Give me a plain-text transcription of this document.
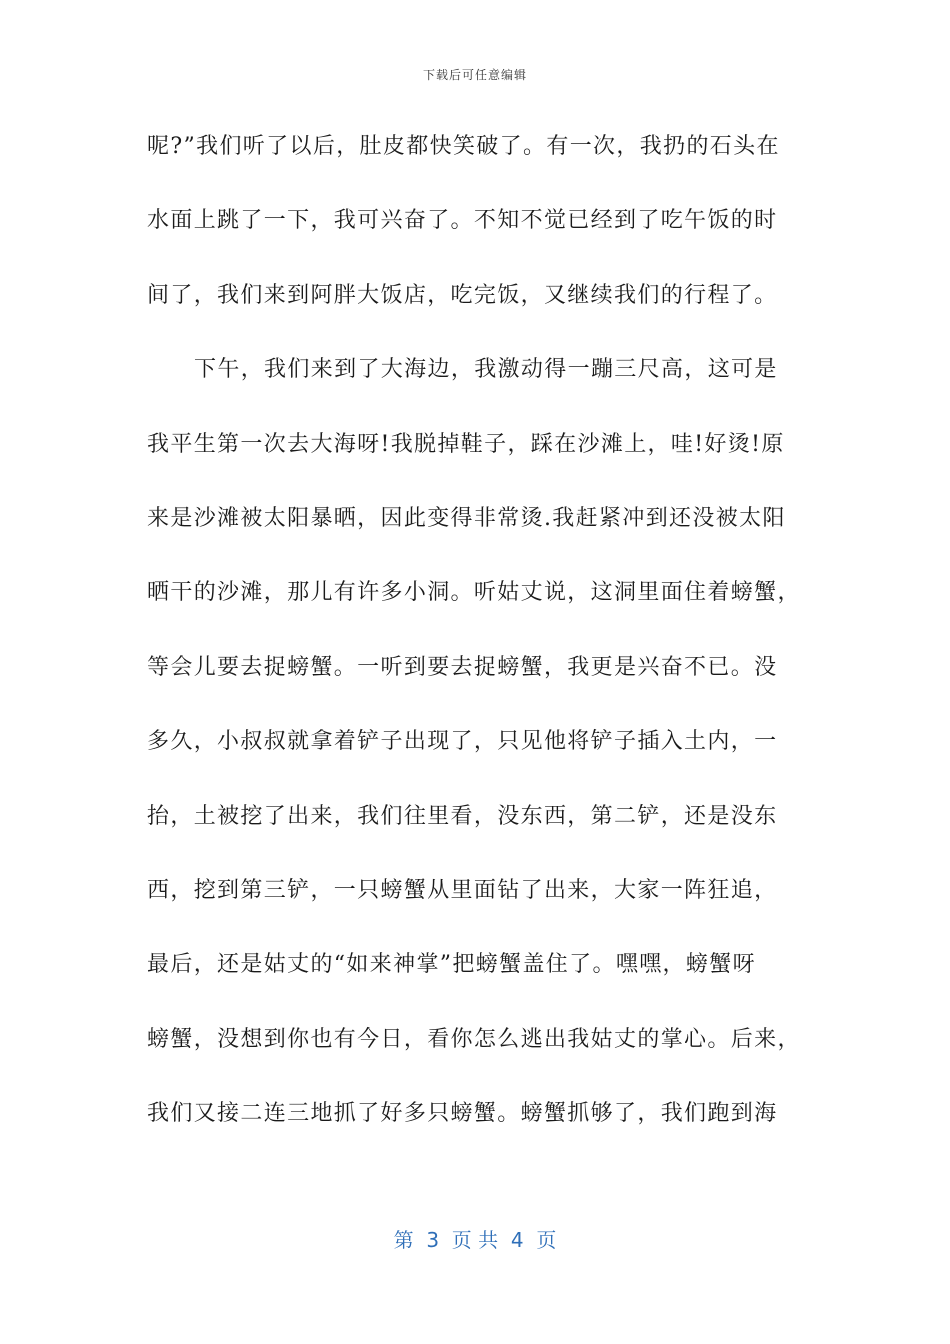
下载后可任意编辑
呢?”我们听了以后，肚皮都快笑破了。有一次，我扔的石头在
水面上跳了一下，我可兴奋了。不知不觉已经到了吃午饭的时
间了，我们来到阿胖大饭店，吃完饭，又继续我们的行程了。
下午，我们来到了大海边，我激动得一蹦三尺高，这可是
我平生第一次去大海呀!我脱掉鞋子，踩在沙滩上，哇!好烫!原
来是沙滩被太阳暴晒，因此变得非常烫.我赶紧冲到还没被太阳
晒干的沙滩，那儿有许多小洞。听姑丈说，这洞里面住着螃蟹，
等会儿要去捉螃蟹。一听到要去捉螃蟹，我更是兴奋不已。没
多久，小叔叔就拿着铲子出现了，只见他将铲子插入土内，一
抬，土被挖了出来，我们往里看，没东西，第二铲，还是没东
西，挖到第三铲，一只螃蟹从里面钻了出来，大家一阵狂追，
最后，还是姑丈的“如来神掌”把螃蟹盖住了。嘿嘿，螃蟹呀
螃蟹，没想到你也有今日，看你怎么逃出我姑丈的掌心。后来，
我们又接二连三地抓了好多只螃蟹。螃蟹抓够了，我们跑到海
第  3  页 共  4  页
